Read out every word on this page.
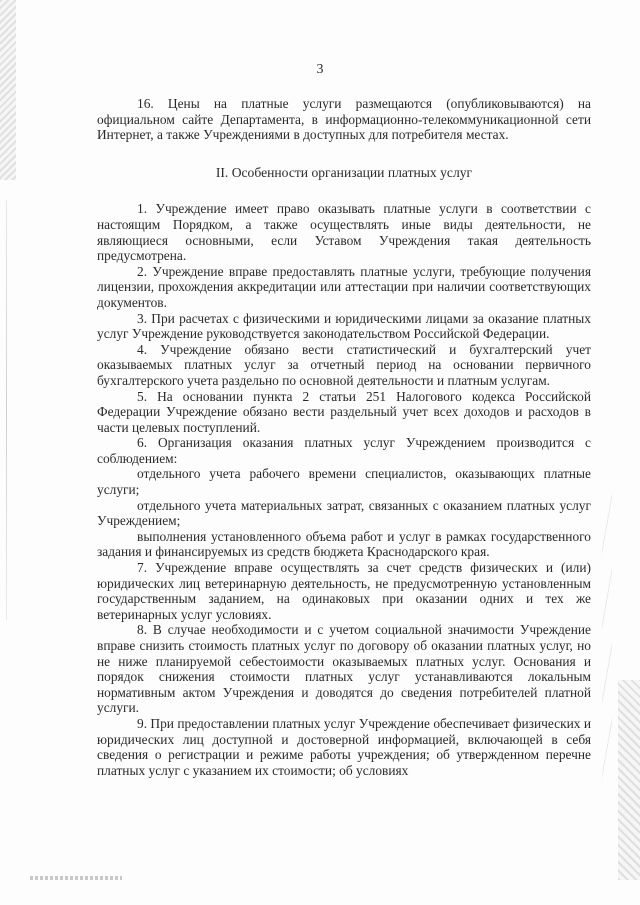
3

16. Цены на платные услуги размещаются (опубликовываются) на официальном сайте Департамента, в информационно-телекоммуникационной сети Интернет, а также Учреждениями в доступных для потребителя местах.

II. Особенности организации платных услуг

1. Учреждение имеет право оказывать платные услуги в соответствии с настоящим Порядком, а также осуществлять иные виды деятельности, не являющиеся основными, если Уставом Учреждения такая деятельность предусмотрена.

2. Учреждение вправе предоставлять платные услуги, требующие получения лицензии, прохождения аккредитации или аттестации при наличии соответствующих документов.

3. При расчетах с физическими и юридическими лицами за оказание платных услуг Учреждение руководствуется законодательством Российской Федерации.

4. Учреждение обязано вести статистический и бухгалтерский учет оказываемых платных услуг за отчетный период на основании первичного бухгалтерского учета раздельно по основной деятельности и платным услугам.

5. На основании пункта 2 статьи 251 Налогового кодекса Российской Федерации Учреждение обязано вести раздельный учет всех доходов и расходов в части целевых поступлений.

6. Организация оказания платных услуг Учреждением производится с соблюдением:

отдельного учета рабочего времени специалистов, оказывающих платные услуги;

отдельного учета материальных затрат, связанных с оказанием платных услуг Учреждением;

выполнения установленного объема работ и услуг в рамках государственного задания и финансируемых из средств бюджета Краснодарского края.

7. Учреждение вправе осуществлять за счет средств физических и (или) юридических лиц ветеринарную деятельность, не предусмотренную установленным государственным заданием, на одинаковых при оказании одних и тех же ветеринарных услуг условиях.

8. В случае необходимости и с учетом социальной значимости Учреждение вправе снизить стоимость платных услуг по договору об оказании платных услуг, но не ниже планируемой себестоимости оказываемых платных услуг. Основания и порядок снижения стоимости платных услуг устанавливаются локальным нормативным актом Учреждения и доводятся до сведения потребителей платной услуги.

9. При предоставлении платных услуг Учреждение обеспечивает физических и юридических лиц доступной и достоверной информацией, включающей в себя сведения о регистрации и режиме работы учреждения; об утвержденном перечне платных услуг с указанием их стоимости; об условиях
